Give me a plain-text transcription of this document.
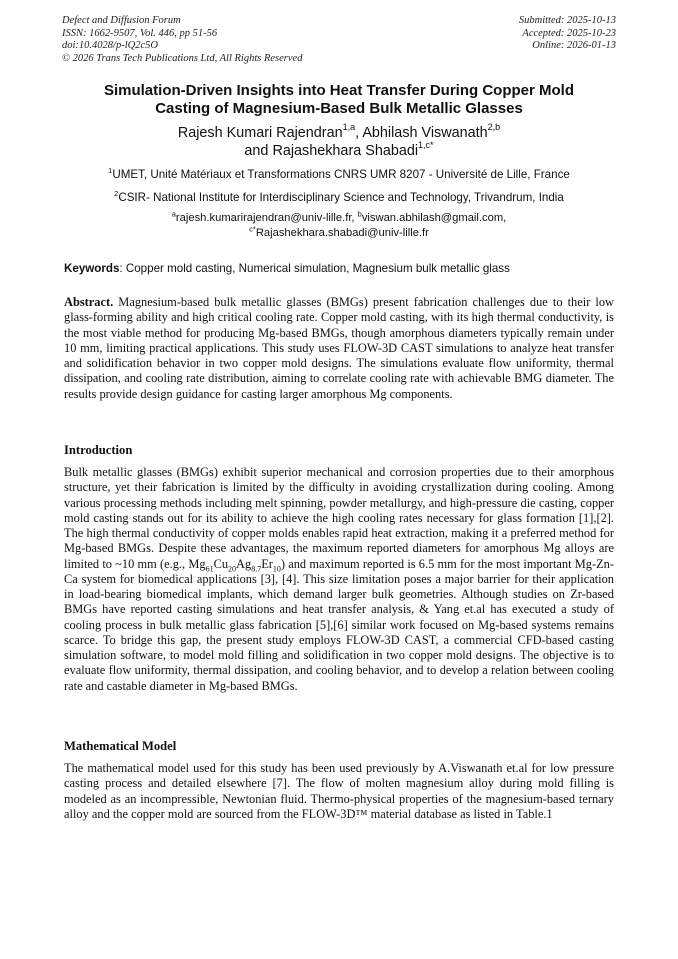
Defect and Diffusion Forum
ISSN: 1662-9507, Vol. 446, pp 51-56
doi:10.4028/p-lQ2c5O
© 2026 Trans Tech Publications Ltd, All Rights Reserved
Submitted: 2025-10-13
Accepted: 2025-10-23
Online: 2026-01-13
Simulation-Driven Insights into Heat Transfer During Copper Mold
Casting of Magnesium-Based Bulk Metallic Glasses
Rajesh Kumari Rajendran$^{1,a}$, Abhilash Viswanath$^{2,b}$
and Rajashekhara Shabadi$^{1,c*}$
$^1$UMET, Unité Matériaux et Transformations CNRS UMR 8207 - Université de Lille, France
$^2$CSIR- National Institute for Interdisciplinary Science and Technology, Trivandrum, India
$^a$rajesh.kumarirajendran@univ-lille.fr, $^b$viswan.abhilash@gmail.com,
$^{c*}$Rajashekhara.shabadi@univ-lille.fr
Keywords: Copper mold casting, Numerical simulation, Magnesium bulk metallic glass
Abstract. Magnesium-based bulk metallic glasses (BMGs) present fabrication challenges due to their low glass-forming ability and high critical cooling rate. Copper mold casting, with its high thermal conductivity, is the most viable method for producing Mg-based BMGs, though amorphous diameters typically remain under 10 mm, limiting practical applications. This study uses FLOW-3D CAST simulations to analyze heat transfer and solidification behavior in two copper mold designs. The simulations evaluate flow uniformity, thermal dissipation, and cooling rate distribution, aiming to correlate cooling rate with achievable BMG diameter. The results provide design guidance for casting larger amorphous Mg components.
Introduction
Bulk metallic glasses (BMGs) exhibit superior mechanical and corrosion properties due to their amorphous structure, yet their fabrication is limited by the difficulty in avoiding crystallization during cooling. Among various processing methods including melt spinning, powder metallurgy, and high-pressure die casting, copper mold casting stands out for its ability to achieve the high cooling rates necessary for glass formation [1],[2]. The high thermal conductivity of copper molds enables rapid heat extraction, making it a preferred method for Mg-based BMGs. Despite these advantages, the maximum reported diameters for amorphous Mg alloys are limited to ~10 mm (e.g., $Mg_{61}Cu_{20}Ag_{8.7}Er_{10}$) and maximum reported is 6.5 mm for the most important Mg-Zn-Ca system for biomedical applications [3], [4]. This size limitation poses a major barrier for their application in load-bearing biomedical implants, which demand larger bulk geometries. Although studies on Zr-based BMGs have reported casting simulations and heat transfer analysis, & Yang et.al has executed a study of cooling process in bulk metallic glass fabrication [5],[6] similar work focused on Mg-based systems remains scarce. To bridge this gap, the present study employs FLOW-3D CAST, a commercial CFD-based casting simulation software, to model mold filling and solidification in two copper mold designs. The objective is to evaluate flow uniformity, thermal dissipation, and cooling behavior, and to develop a relation between cooling rate and castable diameter in Mg-based BMGs.
Mathematical Model
The mathematical model used for this study has been used previously by A.Viswanath et.al for low pressure casting process and detailed elsewhere [7]. The flow of molten magnesium alloy during mold filling is modeled as an incompressible, Newtonian fluid. Thermo-physical properties of the magnesium-based ternary alloy and the copper mold are sourced from the FLOW-3D™ material database as listed in Table.1
